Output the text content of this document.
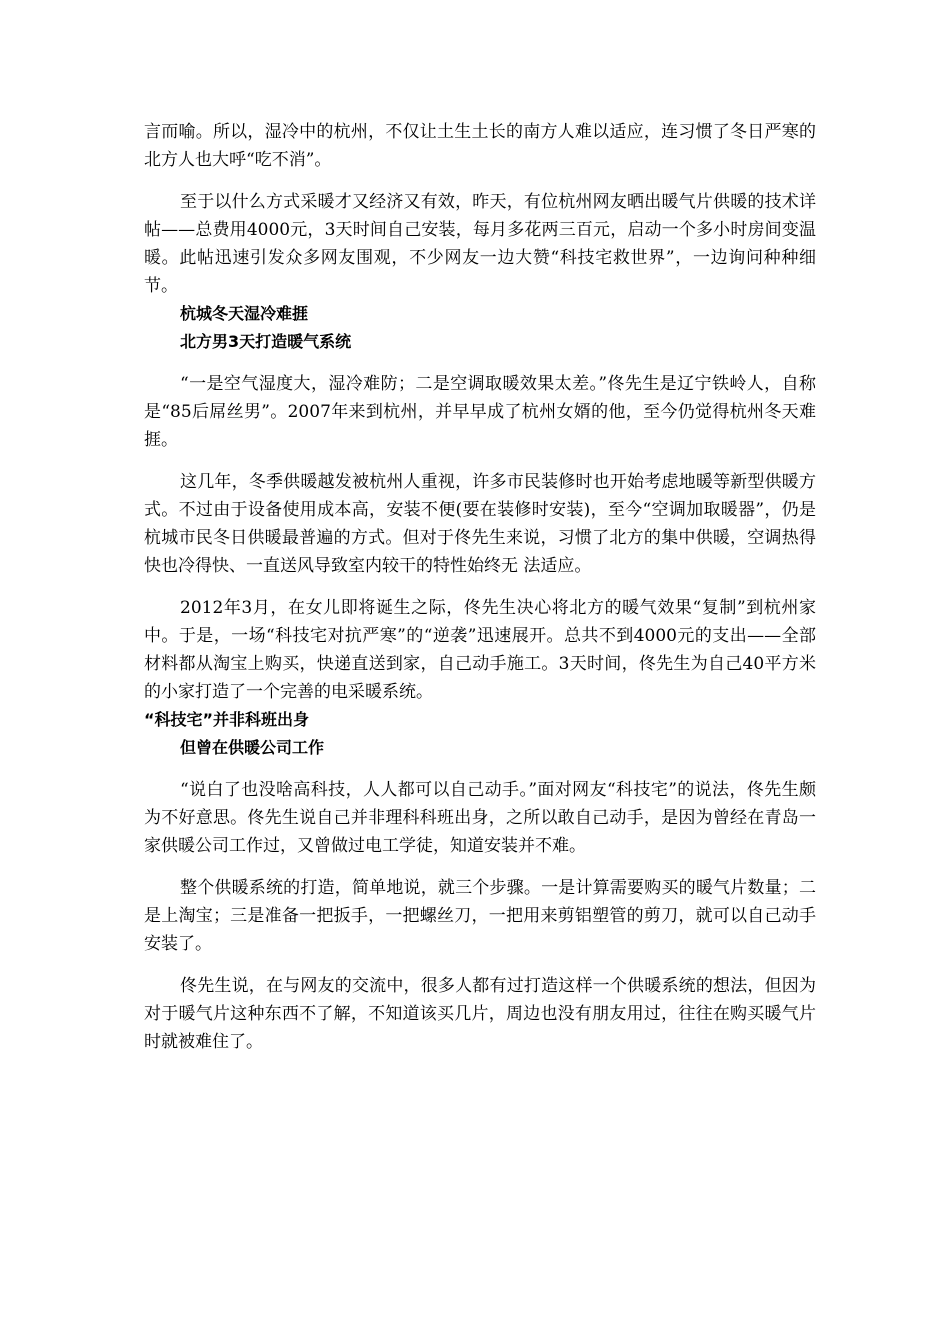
言而喻。所以，湿冷中的杭州，不仅让土生土长的南方人难以适应，连习惯了冬日严寒的北方人也大呼“吃不消”。

至于以什么方式采暖才又经济又有效，昨天，有位杭州网友晒出暖气片供暖的技术详帖——总费用4000元，3天时间自己安装，每月多花两三百元，启动一个多小时房间变温暖。此帖迅速引发众多网友围观，不少网友一边大赞“科技宅救世界”，一边询问种种细节。

杭城冬天湿冷难捱

北方男3天打造暖气系统

“一是空气湿度大，湿冷难防；二是空调取暖效果太差。”佟先生是辽宁铁岭人，自称是“85后屌丝男”。2007年来到杭州，并早早成了杭州女婿的他，至今仍觉得杭州冬天难捱。

这几年，冬季供暖越发被杭州人重视，许多市民装修时也开始考虑地暖等新型供暖方式。不过由于设备使用成本高，安装不便(要在装修时安装)，至今“空调加取暖器”，仍是杭城市民冬日供暖最普遍的方式。但对于佟先生来说，习惯了北方的集中供暖，空调热得快也冷得快、一直送风导致室内较干的特性始终无 法适应。

2012年3月，在女儿即将诞生之际，佟先生决心将北方的暖气效果“复制”到杭州家中。于是，一场“科技宅对抗严寒”的“逆袭”迅速展开。总共不到4000元的支出——全部材料都从淘宝上购买，快递直送到家，自己动手施工。3天时间，佟先生为自己40平方米的小家打造了一个完善的电采暖系统。

“科技宅”并非科班出身

但曾在供暖公司工作

“说白了也没啥高科技，人人都可以自己动手。”面对网友“科技宅”的说法，佟先生颇为不好意思。佟先生说自己并非理科科班出身，之所以敢自己动手，是因为曾经在青岛一家供暖公司工作过，又曾做过电工学徒，知道安装并不难。

整个供暖系统的打造，简单地说，就三个步骤。一是计算需要购买的暖气片数量；二是上淘宝；三是准备一把扳手，一把螺丝刀，一把用来剪铝塑管的剪刀，就可以自己动手安装了。

佟先生说，在与网友的交流中，很多人都有过打造这样一个供暖系统的想法，但因为对于暖气片这种东西不了解，不知道该买几片，周边也没有朋友用过，往往在购买暖气片时就被难住了。
